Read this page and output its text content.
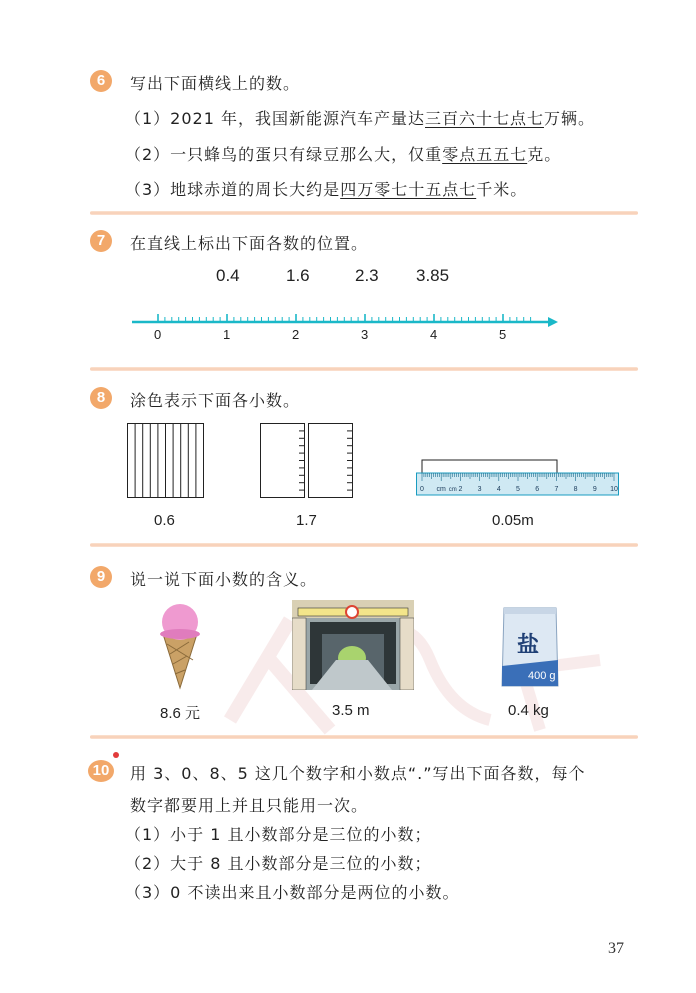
6	写出下面横线上的数。
（1）2021 年，我国新能源汽车产量达三百六十七点七万辆。
（2）一只蜂鸟的蛋只有绿豆那么大，仅重零点五五七克。
（3）地球赤道的周长大约是四万零七十五点七千米。
7	在直线上标出下面各数的位置。
0.4	1.6	2.3 3.85
0	1	2	3	4	5
8	涂色表示下面各小数。
0 cm 2 3 4 5 6 7 8 9 10
cm
0.6	1.7	0.05m
9	说一说下面小数的含义。
盐
400 g
8.6 元	3.5 m	0.4 kg
10 用 3、0、8、5 这几个数字和小数点“.”写出下面各数，每个
数字都要用上并且只能用一次。
（1）小于 1 且小数部分是三位的小数；
（2）大于 8 且小数部分是三位的小数；
（3）0 不读出来且小数部分是两位的小数。
37
